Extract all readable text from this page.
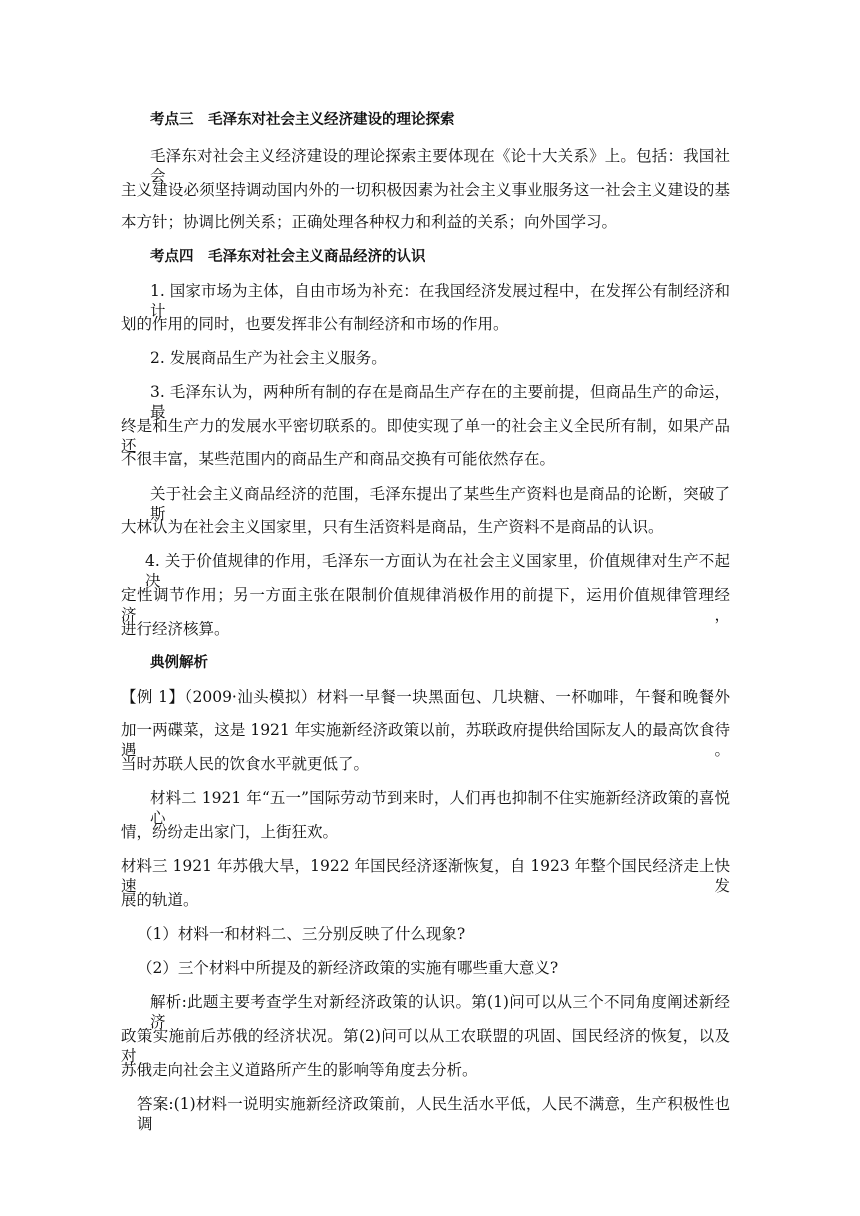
考点三　毛泽东对社会主义经济建设的理论探索
毛泽东对社会主义经济建设的理论探索主要体现在《论十大关系》上。包括：我国社会
主义建设必须坚持调动国内外的一切积极因素为社会主义事业服务这一社会主义建设的基
本方针；协调比例关系；正确处理各种权力和利益的关系；向外国学习。
考点四　毛泽东对社会主义商品经济的认识
1. 国家市场为主体，自由市场为补充：在我国经济发展过程中，在发挥公有制经济和计
划的作用的同时，也要发挥非公有制经济和市场的作用。
2. 发展商品生产为社会主义服务。
3. 毛泽东认为，两种所有制的存在是商品生产存在的主要前提，但商品生产的命运，最
终是和生产力的发展水平密切联系的。即使实现了单一的社会主义全民所有制，如果产品还
不很丰富，某些范围内的商品生产和商品交换有可能依然存在。
关于社会主义商品经济的范围，毛泽东提出了某些生产资料也是商品的论断，突破了斯
大林认为在社会主义国家里，只有生活资料是商品，生产资料不是商品的认识。
4. 关于价值规律的作用，毛泽东一方面认为在社会主义国家里，价值规律对生产不起决
定性调节作用；另一方面主张在限制价值规律消极作用的前提下，运用价值规律管理经济，
进行经济核算。
典例解析
【例 1】（2009·汕头模拟）材料一早餐一块黑面包、几块糖、一杯咖啡，午餐和晚餐外
加一两碟菜，这是 1921 年实施新经济政策以前，苏联政府提供给国际友人的最高饮食待遇。
当时苏联人民的饮食水平就更低了。
材料二 1921 年“五一”国际劳动节到来时，人们再也抑制不住实施新经济政策的喜悦心
情，纷纷走出家门，上街狂欢。
材料三 1921 年苏俄大旱，1922 年国民经济逐渐恢复，自 1923 年整个国民经济走上快速发
展的轨道。
（1）材料一和材料二、三分别反映了什么现象?
（2）三个材料中所提及的新经济政策的实施有哪些重大意义?
解析:此题主要考查学生对新经济政策的认识。第(1)问可以从三个不同角度阐述新经济
政策实施前后苏俄的经济状况。第(2)问可以从工农联盟的巩固、国民经济的恢复，以及对
苏俄走向社会主义道路所产生的影响等角度去分析。
答案:(1)材料一说明实施新经济政策前，人民生活水平低，人民不满意，生产积极性也调
